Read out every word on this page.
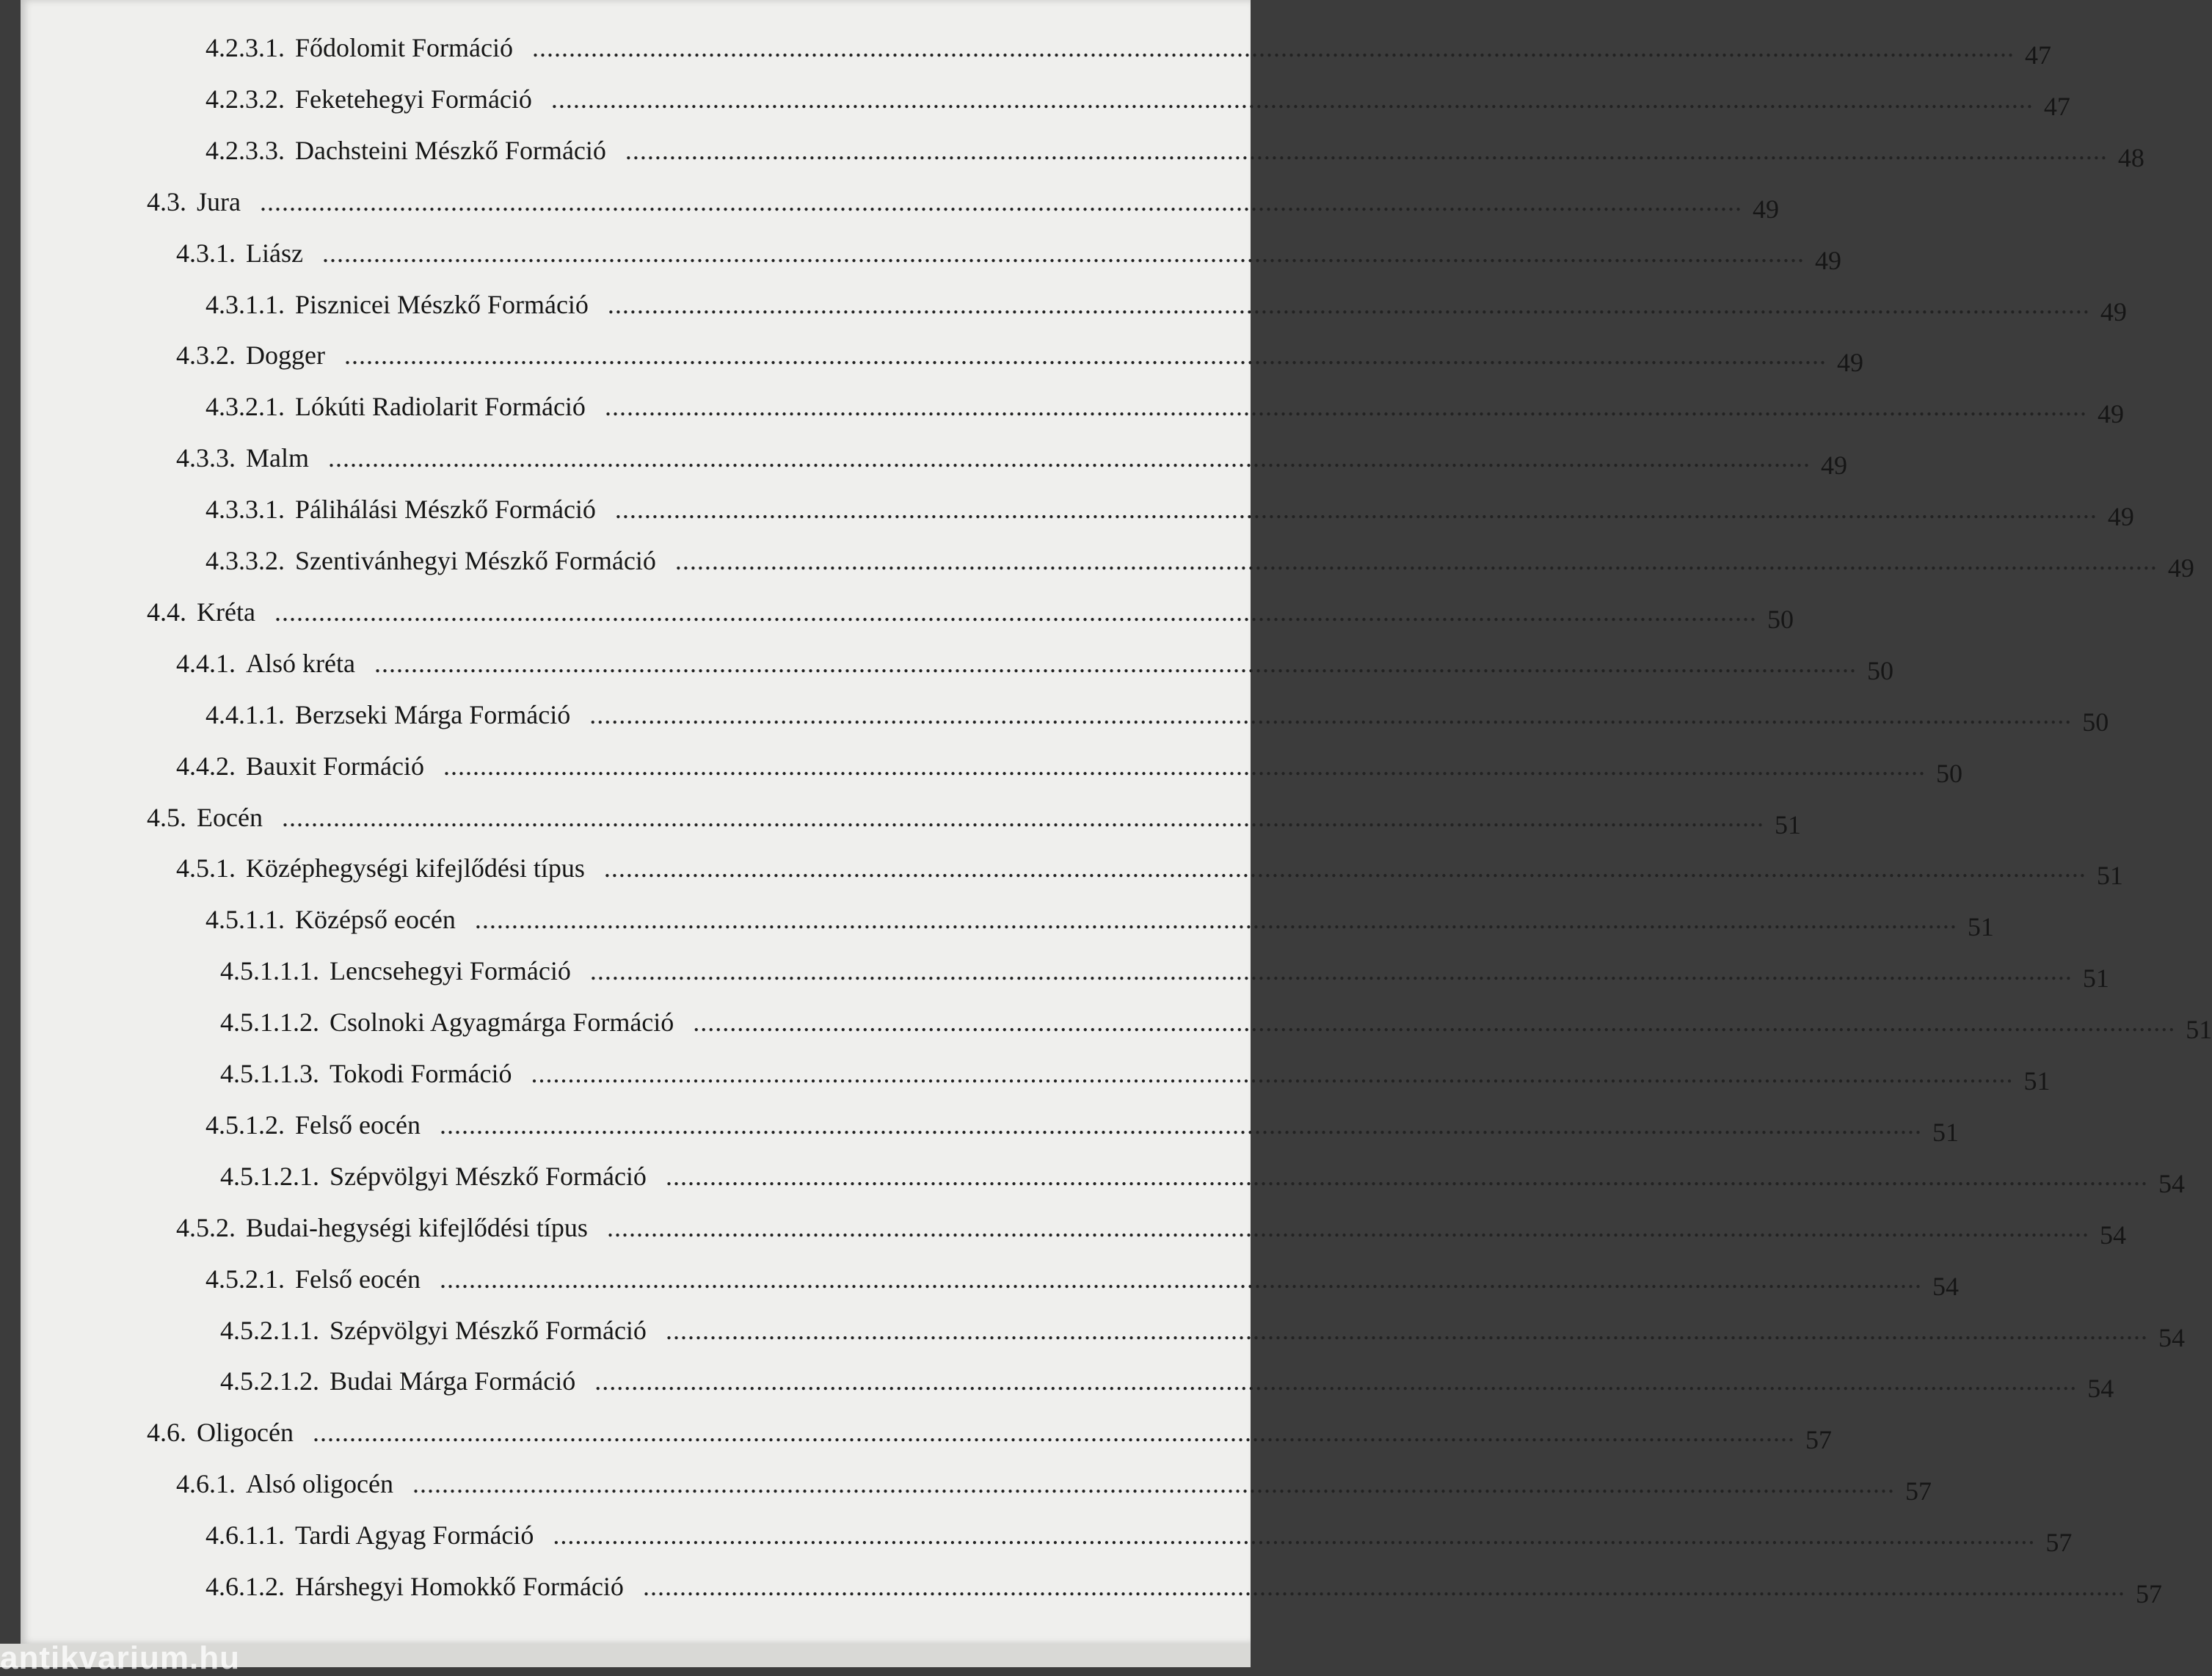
4.2.3.1. Fődolomit Formáció .......................................................................................................................................................................................................... 47
4.2.3.2. Feketehegyi Formáció .......................................................................................................................................................................................................... 47
4.2.3.3. Dachsteini Mészkő Formáció .......................................................................................................................................................................................................... 48
4.3. Jura .......................................................................................................................................................................................................... 49
4.3.1. Liász .......................................................................................................................................................................................................... 49
4.3.1.1. Pisznicei Mészkő Formáció .......................................................................................................................................................................................................... 49
4.3.2. Dogger .......................................................................................................................................................................................................... 49
4.3.2.1. Lókúti Radiolarit Formáció .......................................................................................................................................................................................................... 49
4.3.3. Malm .......................................................................................................................................................................................................... 49
4.3.3.1. Pálihálási Mészkő Formáció .......................................................................................................................................................................................................... 49
4.3.3.2. Szentivánhegyi Mészkő Formáció .......................................................................................................................................................................................................... 49
4.4. Kréta .......................................................................................................................................................................................................... 50
4.4.1. Alsó kréta .......................................................................................................................................................................................................... 50
4.4.1.1. Berzseki Márga Formáció .......................................................................................................................................................................................................... 50
4.4.2. Bauxit Formáció .......................................................................................................................................................................................................... 50
4.5. Eocén .......................................................................................................................................................................................................... 51
4.5.1. Középhegységi kifejlődési típus .......................................................................................................................................................................................................... 51
4.5.1.1. Középső eocén .......................................................................................................................................................................................................... 51
4.5.1.1.1. Lencsehegyi Formáció .......................................................................................................................................................................................................... 51
4.5.1.1.2. Csolnoki Agyagmárga Formáció .......................................................................................................................................................................................................... 51
4.5.1.1.3. Tokodi Formáció .......................................................................................................................................................................................................... 51
4.5.1.2. Felső eocén .......................................................................................................................................................................................................... 51
4.5.1.2.1. Szépvölgyi Mészkő Formáció .......................................................................................................................................................................................................... 54
4.5.2. Budai-hegységi kifejlődési típus .......................................................................................................................................................................................................... 54
4.5.2.1. Felső eocén .......................................................................................................................................................................................................... 54
4.5.2.1.1. Szépvölgyi Mészkő Formáció .......................................................................................................................................................................................................... 54
4.5.2.1.2. Budai Márga Formáció .......................................................................................................................................................................................................... 54
4.6. Oligocén .......................................................................................................................................................................................................... 57
4.6.1. Alsó oligocén .......................................................................................................................................................................................................... 57
4.6.1.1. Tardi Agyag Formáció .......................................................................................................................................................................................................... 57
4.6.1.2. Hárshegyi Homokkő Formáció .......................................................................................................................................................................................................... 57
antikvarium.hu
